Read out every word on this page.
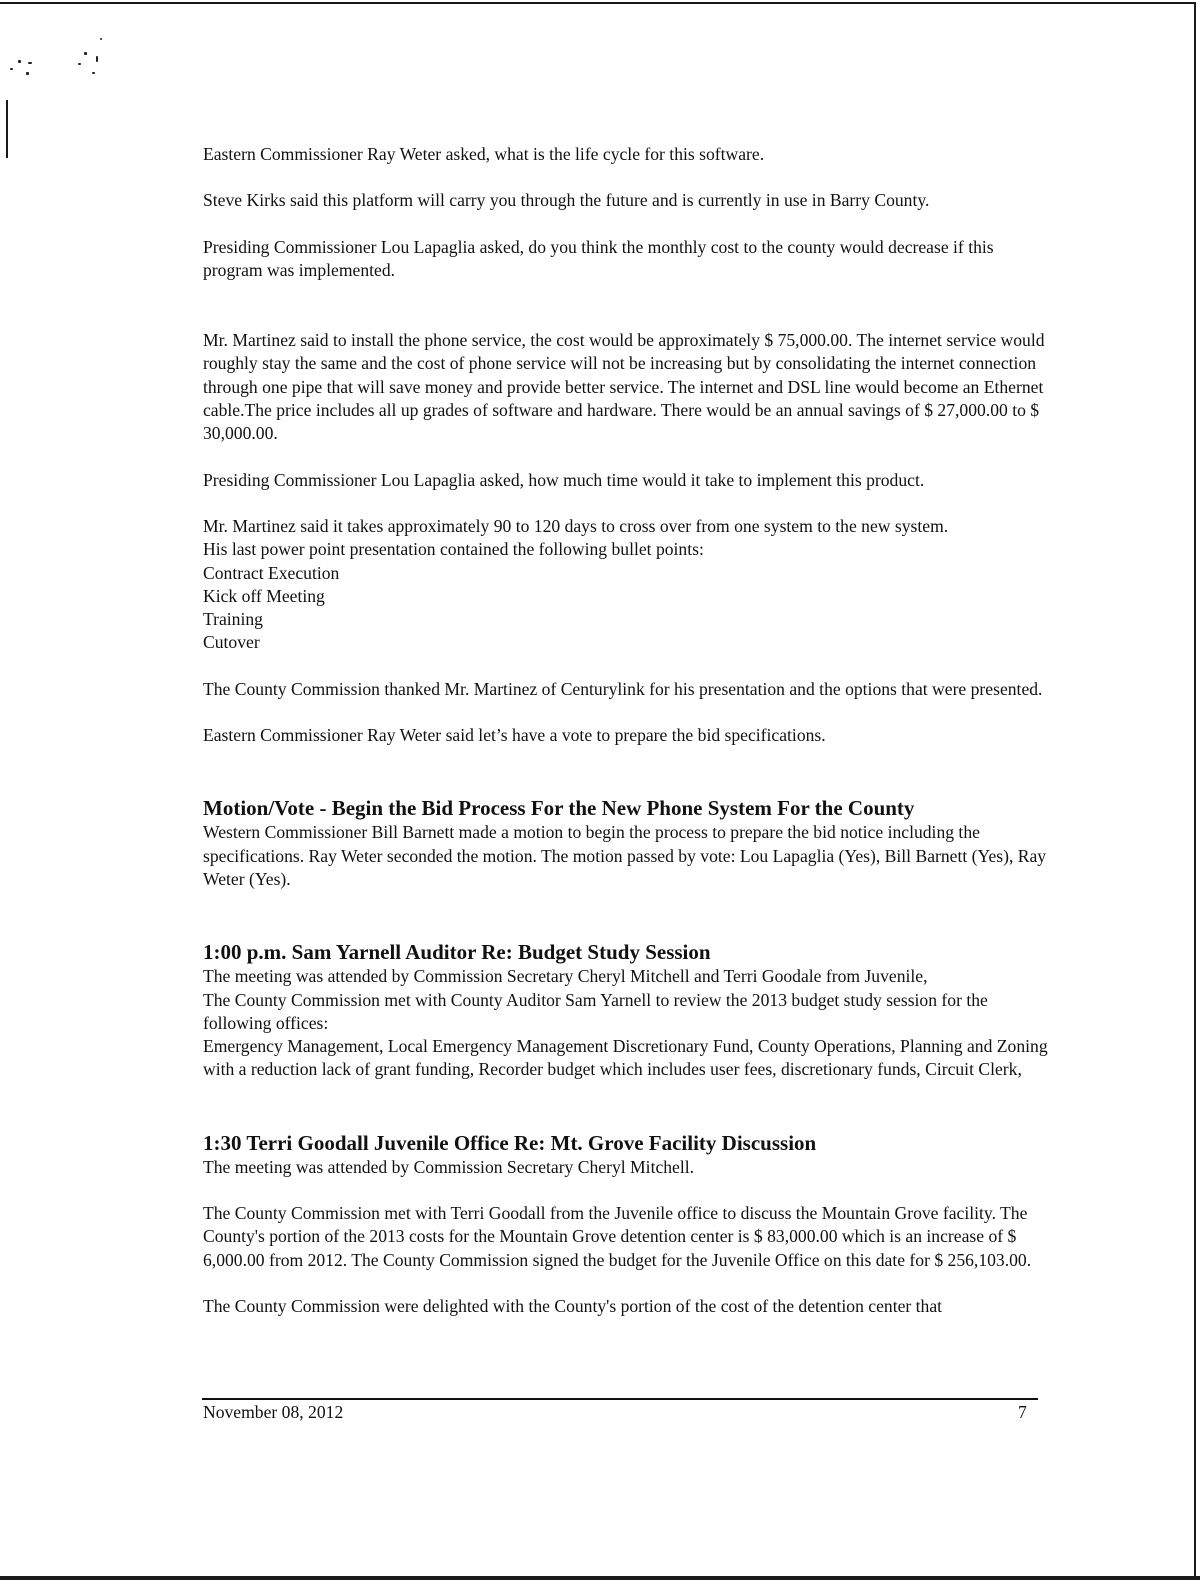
Eastern Commissioner Ray Weter asked, what is the life cycle for this software.

Steve Kirks said this platform will carry you through the future and is currently in use in Barry County.

Presiding Commissioner Lou Lapaglia asked, do you think the monthly cost to the county would decrease if this program was implemented.

Mr. Martinez said to install the phone service, the cost would be approximately $ 75,000.00. The internet service would roughly stay the same and the cost of phone service will not be increasing but by consolidating the internet connection through one pipe that will save money and provide better service. The internet and DSL line would become an Ethernet cable.The price includes all up grades of software and hardware. There would be an annual savings of $ 27,000.00 to $ 30,000.00.

Presiding Commissioner Lou Lapaglia asked, how much time would it take to implement this product.

Mr. Martinez said it takes approximately 90 to 120 days to cross over from one system to the new system.

His last power point presentation contained the following bullet points:

Contract Execution
Kick off Meeting
Training
Cutover

The County Commission thanked Mr. Martinez of Centurylink for his presentation and the options that were presented.

Eastern Commissioner Ray Weter said let’s have a vote to prepare the bid specifications.

Motion/Vote - Begin the Bid Process For the New Phone System For the County

Western Commissioner Bill Barnett made a motion to begin the process to prepare the bid notice including the specifications. Ray Weter seconded the motion. The motion passed by vote: Lou Lapaglia (Yes), Bill Barnett (Yes), Ray Weter (Yes).

1:00 p.m. Sam Yarnell Auditor Re: Budget Study Session

The meeting was attended by Commission Secretary Cheryl Mitchell and Terri Goodale from Juvenile,

The County Commission met with County Auditor Sam Yarnell to review the 2013 budget study session for the following offices:

Emergency Management, Local Emergency Management Discretionary Fund, County Operations, Planning and Zoning with a reduction lack of grant funding, Recorder budget which includes user fees, discretionary funds, Circuit Clerk,

1:30 Terri Goodall Juvenile Office Re: Mt. Grove Facility Discussion

The meeting was attended by Commission Secretary Cheryl Mitchell.

The County Commission met with Terri Goodall from the Juvenile office to discuss the Mountain Grove facility. The County's portion of the 2013 costs for the Mountain Grove detention center is $ 83,000.00 which is an increase of $ 6,000.00 from 2012. The County Commission signed the budget for the Juvenile Office on this date for $ 256,103.00.

The County Commission were delighted with the County's portion of the cost of the detention center that

November 08, 2012	7
